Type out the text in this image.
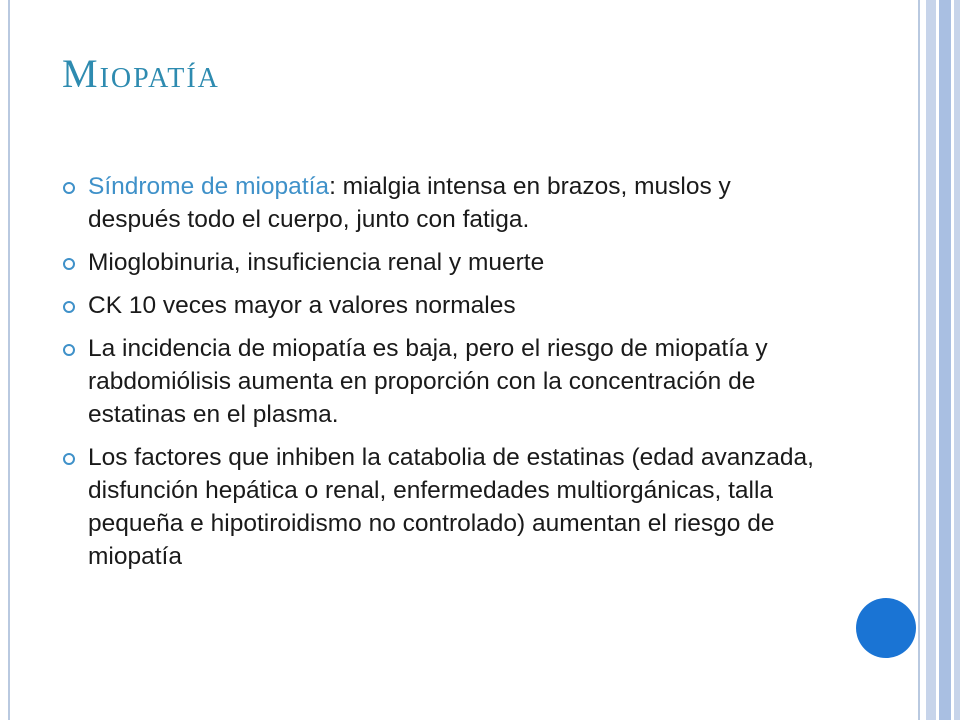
Miopatía
Síndrome de miopatía: mialgia intensa en brazos, muslos y después todo el cuerpo, junto con fatiga.
Mioglobinuria, insuficiencia renal y muerte
CK 10 veces mayor a valores normales
La incidencia de miopatía es baja, pero el riesgo de miopatía y rabdomiólisis aumenta en proporción con la concentración de estatinas en el plasma.
Los factores que inhiben la catabolia de estatinas (edad avanzada, disfunción hepática o renal, enfermedades multiorgánicas, talla pequeña e hipotiroidismo no controlado) aumentan el riesgo de miopatía
